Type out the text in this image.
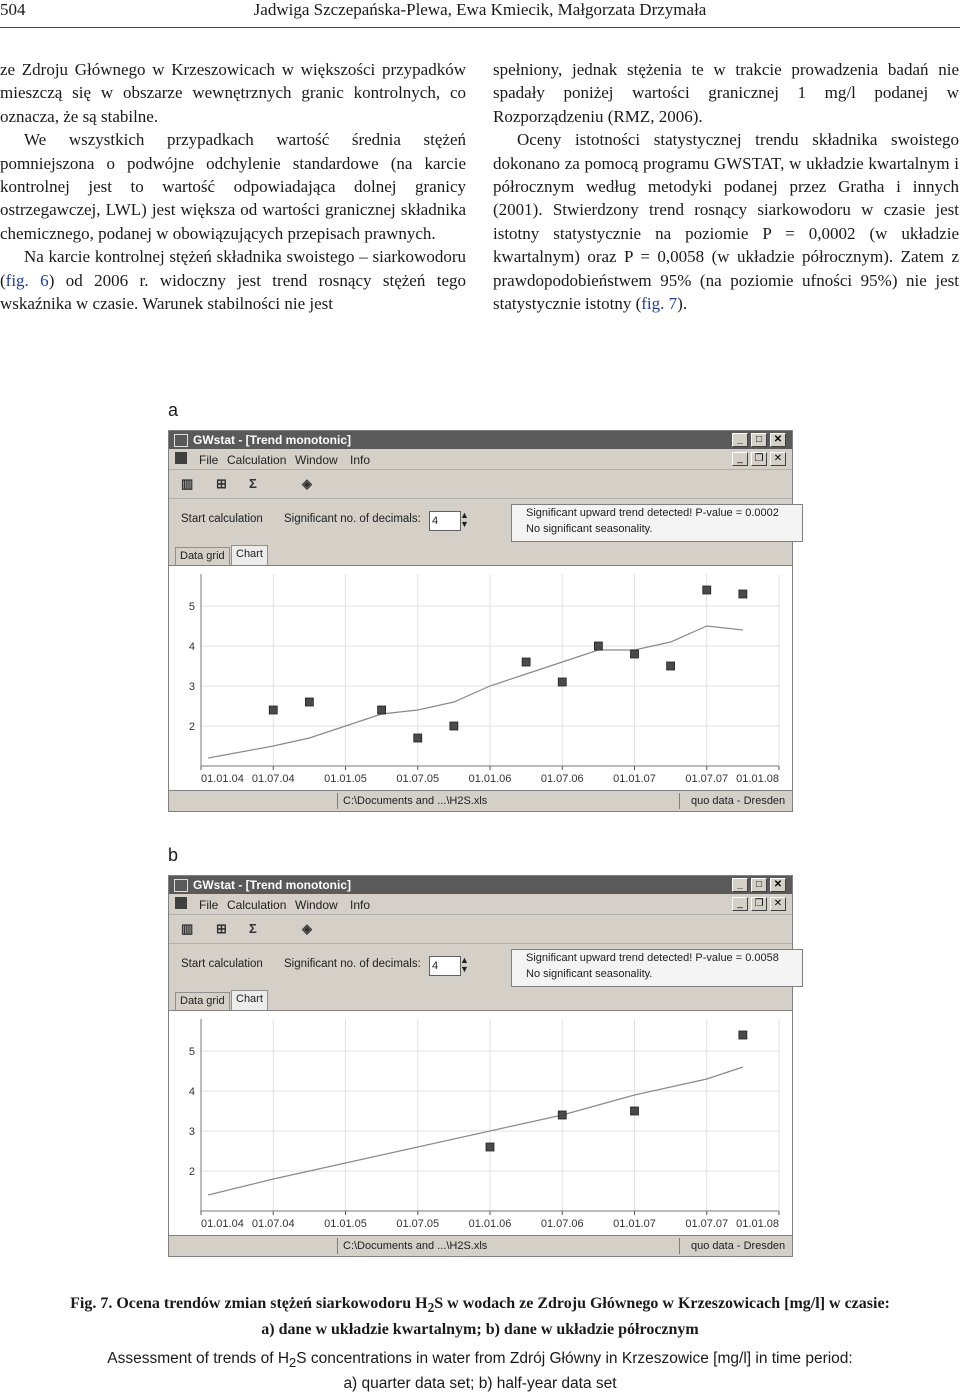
504	Jadwiga Szczepańska-Plewa, Ewa Kmiecik, Małgorzata Drzymała

ze Zdroju Głównego w Krzeszowicach w większości przypadków mieszczą się w obszarze wewnętrznych granic kontrolnych, co oznacza, że są stabilne.

We wszystkich przypadkach wartość średnia stężeń pomniejszona o podwójne odchylenie standardowe (na karcie kontrolnej jest to wartość odpowiadająca dolnej granicy ostrzegawczej, LWL) jest większa od wartości granicznej składnika chemicznego, podanej w obowiązujących przepisach prawnych.

Na karcie kontrolnej stężeń składnika swoistego – siarkowodoru (fig. 6) od 2006 r. widoczny jest trend rosnący stężeń tego wskaźnika w czasie. Warunek stabilności nie jest

spełniony, jednak stężenia te w trakcie prowadzenia badań nie spadały poniżej wartości granicznej 1 mg/l podanej w Rozporządzeniu (RMZ, 2006).

Oceny istotności statystycznej trendu składnika swoistego dokonano za pomocą programu GWSTAT, w układzie kwartalnym i półrocznym według metodyki podanej przez Gratha i innych (2001). Stwierdzony trend rosnący siarkowodoru w czasie jest istotny statystycznie na poziomie P = 0,0002 (w układzie kwartalnym) oraz P = 0,0058 (w układzie półrocznym). Zatem z prawdopodobieństwem 95% (na poziomie ufności 95%) nie jest statystycznie istotny (fig. 7).

a
GWstat - [Trend monotonic]	_	□	✕
File Calculation Window Info	_	❐	✕
▥ ⊞ Σ	◈
Start calculation Significant no. of decimals: 4	▲
▼
Significant upward trend detected! P-value = 0.0002
No significant seasonality.
Data grid	Chart
2
3
4
5
01.01.04 01.07.04	01.01.05	01.07.05	01.01.06	01.07.06	01.01.07	01.07.07 01.01.08
C:\Documents and ...\H2S.xls	quo data - Dresden
b
GWstat - [Trend monotonic]	_	□	✕
File Calculation Window Info	_	❐	✕
▥ ⊞ Σ	◈
Start calculation Significant no. of decimals: 4	▲
▼
Significant upward trend detected! P-value = 0.0058
No significant seasonality.
Data grid	Chart
2
3
4
5
01.01.04 01.07.04	01.01.05	01.07.05	01.01.06	01.07.06	01.01.07	01.07.07 01.01.08
C:\Documents and ...\H2S.xls	quo data - Dresden
Fig. 7. Ocena trendów zmian stężeń siarkowodoru $H_2S$ w wodach ze Zdroju Głównego w Krzeszowicach [mg/l] w czasie:
a) dane w układzie kwartalnym; b) dane w układzie półrocznym
Assessment of trends of $H_2S$ concentrations in water from Zdrój Główny in Krzeszowice [mg/l] in time period:
a) quarter data set; b) half-year data set
